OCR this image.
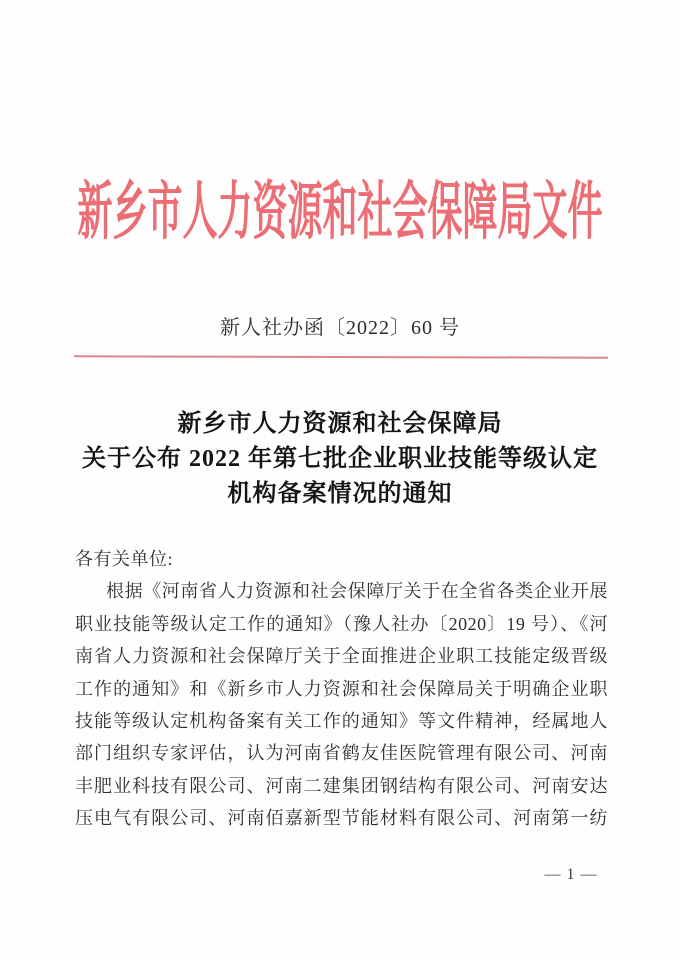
新乡市人力资源和社会保障局文件
新人社办函〔2022〕60 号
新乡市人力资源和社会保障局
关于公布 2022 年第七批企业职业技能等级认定
机构备案情况的通知

各有关单位:

根据《河南省人力资源和社会保障厅关于在全省各类企业开展

职业技能等级认定工作的通知》（豫人社办〔2020〕19 号）、《河

南省人力资源和社会保障厅关于全面推进企业职工技能定级晋级

工作的通知》和《新乡市人力资源和社会保障局关于明确企业职

技能等级认定机构备案有关工作的通知》等文件精神，经属地人

部门组织专家评估，认为河南省鹤友佳医院管理有限公司、河南

丰肥业科技有限公司、河南二建集团钢结构有限公司、河南安达

压电气有限公司、河南佰嘉新型节能材料有限公司、河南第一纺

— 1 —
